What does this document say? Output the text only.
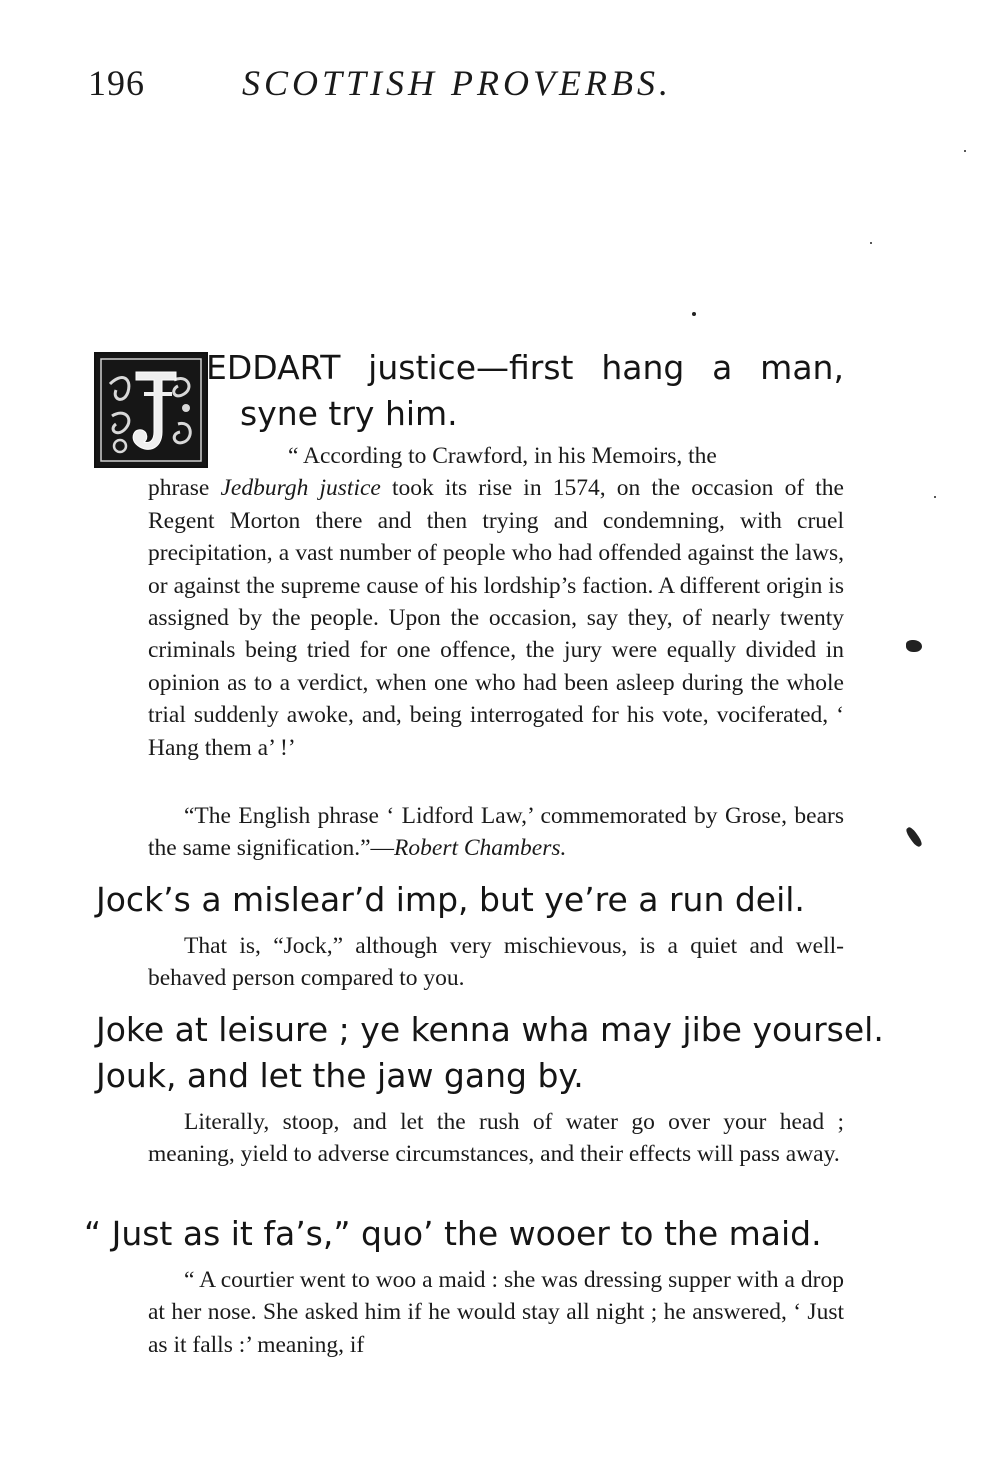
196	SCOTTISH PROVERBS.
EDDART justice—first hang a man,
syne try him.

“ According to Crawford, in his Memoirs, the

phrase Jedburgh justice took its rise in 1574, on the occasion of the Regent Morton there and then trying and condemning, with cruel precipitation, a vast number of people who had offended against the laws, or against the supreme cause of his lordship’s faction. A different origin is assigned by the people. Upon the occasion, say they, of nearly twenty criminals being tried for one offence, the jury were equally divided in opinion as to a verdict, when one who had been asleep during the whole trial suddenly awoke, and, being interrogated for his vote, vociferated, ‘ Hang them a’ !’

“The English phrase ‘ Lidford Law,’ commemorated by Grose, bears the same signification.”—Robert Chambers.

Jock’s a mislear’d imp, but ye’re a run deil.

That is, “Jock,” although very mischievous, is a quiet and well-behaved person compared to you.

Joke at leisure ; ye kenna wha may jibe yoursel.
Jouk, and let the jaw gang by.

Literally, stoop, and let the rush of water go over your head ; meaning, yield to adverse circumstances, and their effects will pass away.

“ Just as it fa’s,” quo’ the wooer to the maid.

“ A courtier went to woo a maid : she was dressing supper with a drop at her nose. She asked him if he would stay all night ; he answered, ‘ Just as it falls :’ meaning, if
